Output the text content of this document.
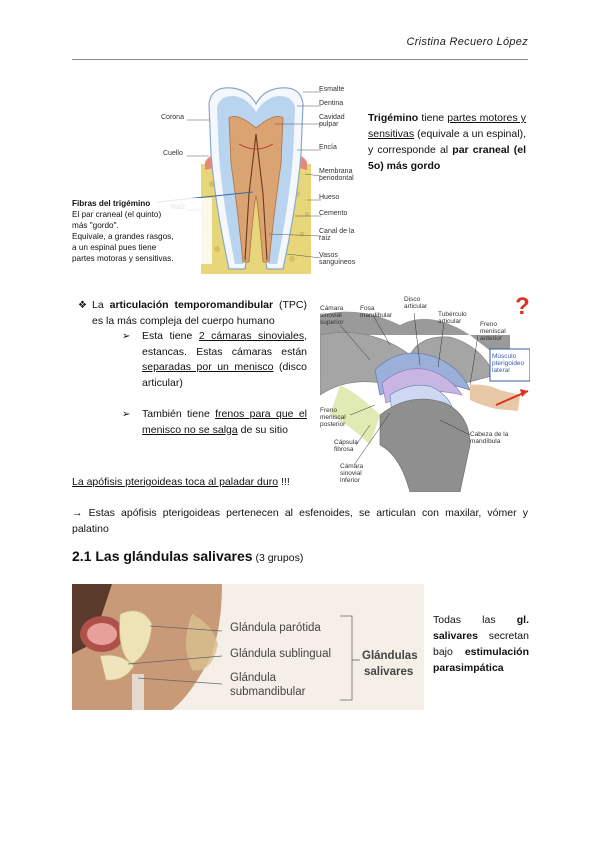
Cristina Recuero López
Esmalte
Dentina
Cavidad pulpar
Encía
Membrana periodontal
Hueso
Cemento
Canal de la raíz
Vasos sanguíneos
Corona
Cuello
Fibras del trigémino
El par craneal (el quinto)
más "gordo".
Equivale, a grandes rasgos,
a un espinal pues tiene
partes motoras y sensitivas.
Trigémino tiene partes motores y sensitivas (equivale a un espinal), y corresponde al par craneal (el 5o) más gordo
❖ La articulación temporomandibular (TPC) es la más compleja del cuerpo humano
➢ Esta tiene 2 cámaras sinoviales, estancas. Estas cámaras están separadas por un menisco (disco articular)
➢ También tiene frenos para que el menisco no se salga de su sitio
Cámara sinovial superior
Fosa mandibular
Disco articular
Tubérculo articular	Freno meniscal anterior
Músculo pterigoideo lateral
Freno meniscal posterior
Cápsula fibrosa
Cámara sinovial inferior
Cabeza de la mandíbula
?
La apófisis pterigoideas toca al paladar duro !!!
→ Estas apófisis pterigoideas pertenecen al esfenoides, se articulan con maxilar, vómer y palatino
2.1 Las glándulas salivares (3 grupos)
Glándula parótida
Glándula sublingual
Glándula
submandibular
Glándulas
salivares
Todas las gl. salivares secretan bajo estimulación parasimpática
